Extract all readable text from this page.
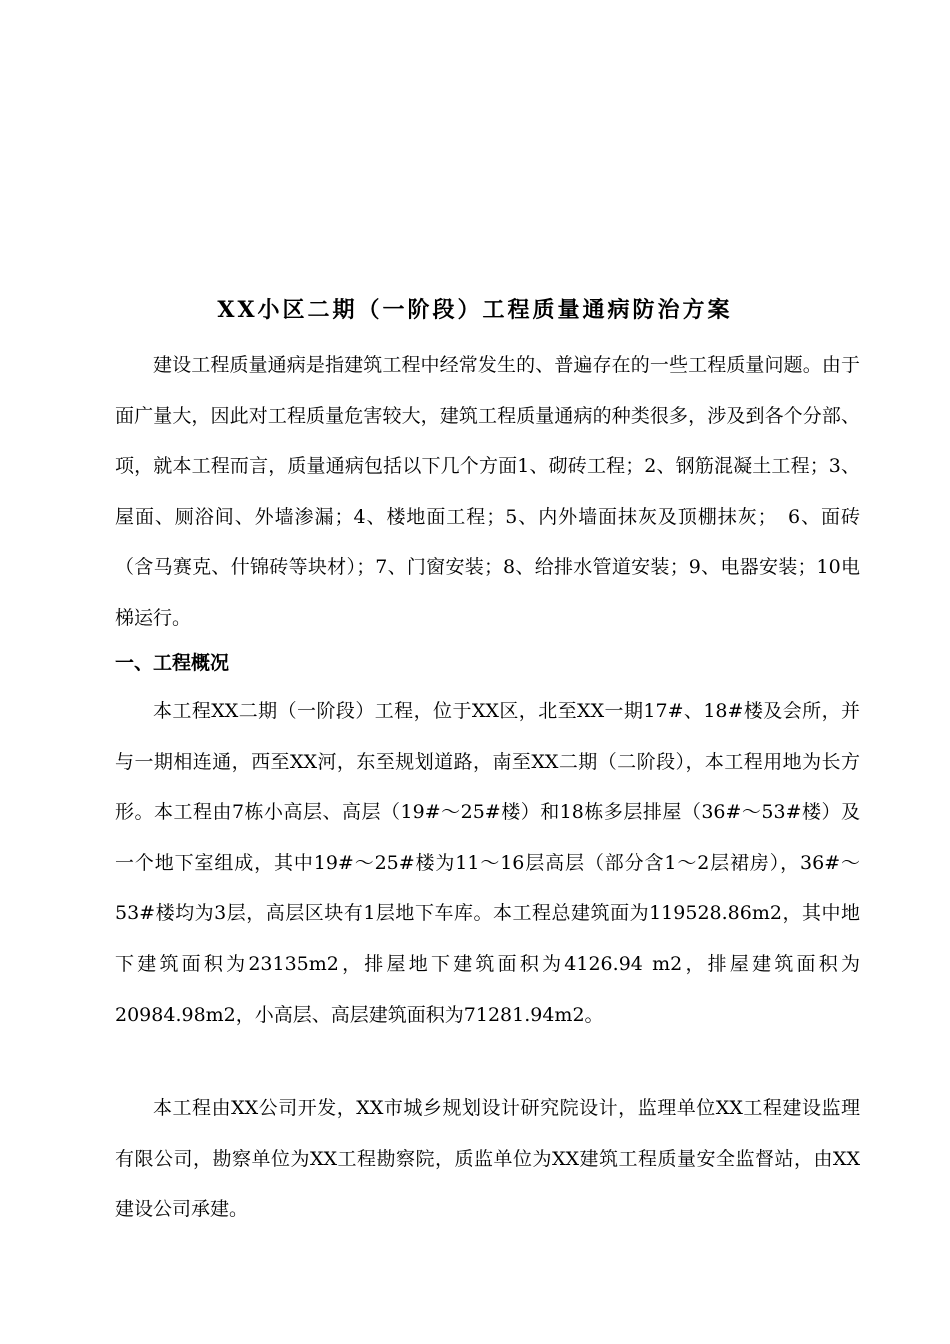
XX小区二期（一阶段）工程质量通病防治方案

建设工程质量通病是指建筑工程中经常发生的、普遍存在的一些工程质量问题。由于面广量大，因此对工程质量危害较大，建筑工程质量通病的种类很多，涉及到各个分部、项，就本工程而言，质量通病包括以下几个方面1、砌砖工程；2、钢筋混凝土工程；3、屋面、厕浴间、外墙渗漏；4、楼地面工程；5、内外墙面抹灰及顶棚抹灰；　6、面砖（含马赛克、什锦砖等块材）；7、门窗安装；8、给排水管道安装；9、电器安装；10电梯运行。

一、工程概况

本工程XX二期（一阶段）工程，位于XX区，北至XX一期17#、18#楼及会所，并与一期相连通，西至XX河，东至规划道路，南至XX二期（二阶段），本工程用地为长方形。本工程由7栋小高层、高层（19#～25#楼）和18栋多层排屋（36#～53#楼）及一个地下室组成，其中19#～25#楼为11～16层高层（部分含1～2层裙房），36#～53#楼均为3层，高层区块有1层地下车库。本工程总建筑面为119528.86m2，其中地下建筑面积为23135m2，排屋地下建筑面积为4126.94 m2，排屋建筑面积为20984.98m2，小高层、高层建筑面积为71281.94m2。

本工程由XX公司开发，XX市城乡规划设计研究院设计，监理单位XX工程建设监理有限公司，勘察单位为XX工程勘察院，质监单位为XX建筑工程质量安全监督站，由XX建设公司承建。
